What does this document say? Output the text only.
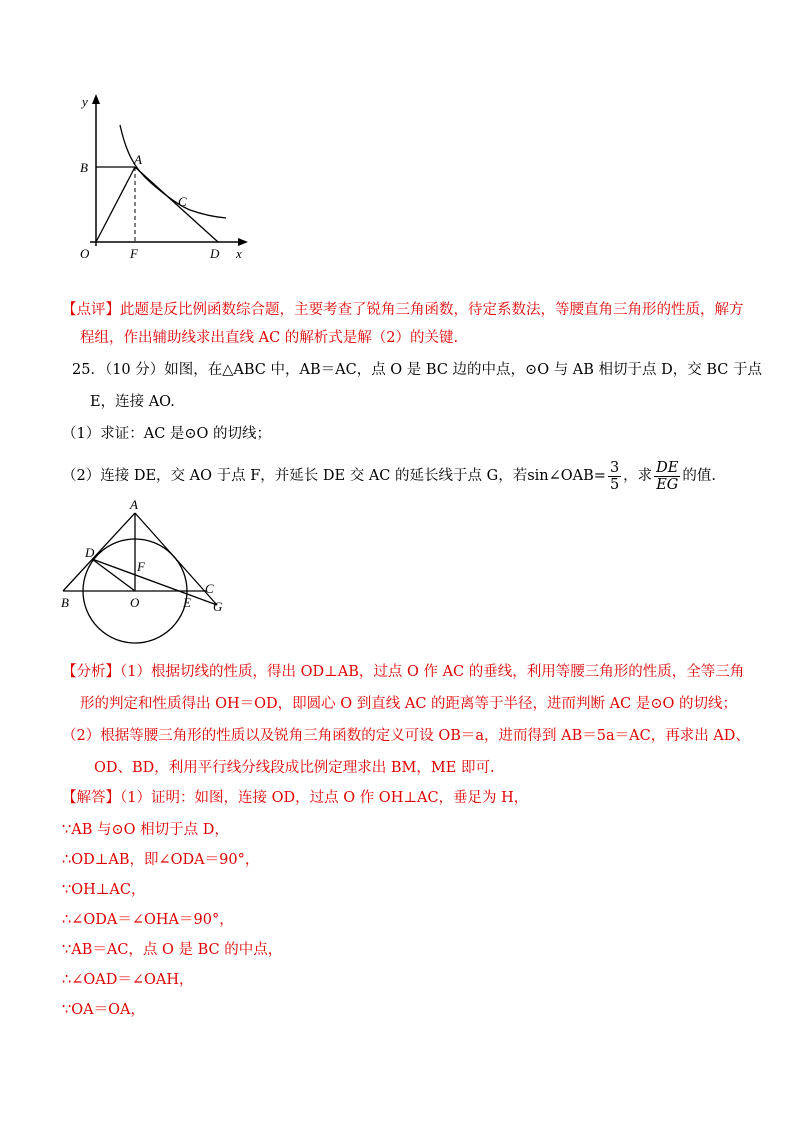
y
B
A
C
O	F	D x
【点评】此题是反比例函数综合题，主要考查了锐角三角函数，待定系数法，等腰直角三角形的性质，解方
程组，作出辅助线求出直线 AC 的解析式是解（2）的关键.
25．（10 分）如图，在△ABC 中，AB＝AC，点 O 是 BC 边的中点，⊙O 与 AB 相切于点 D，交 BC 于点
E，连接 AO.
（1）求证：AC 是⊙O 的切线；
（2）连接 DE，交 AO 于点 F，并延长 DE 交 AC 的延长线于点 G，若sin∠OAB= $\frac{3}{5}$ ，求 $\frac{DE}{EG}$ 的值.
A
D
F
B	O	E
C
G
【分析】（1）根据切线的性质，得出 OD⊥AB，过点 O 作 AC 的垂线，利用等腰三角形的性质，全等三角
形的判定和性质得出 OH＝OD，即圆心 O 到直线 AC 的距离等于半径，进而判断 AC 是⊙O 的切线；
（2）根据等腰三角形的性质以及锐角三角函数的定义可设 OB＝a，进而得到 AB＝5a＝AC，再求出 AD、
OD、BD，利用平行线分线段成比例定理求出 BM，ME 即可.
【解答】（1）证明：如图，连接 OD，过点 O 作 OH⊥AC，垂足为 H，
∵AB 与⊙O 相切于点 D，
∴OD⊥AB，即∠ODA＝90°，
∵OH⊥AC，
∴∠ODA＝∠OHA＝90°，
∵AB＝AC，点 O 是 BC 的中点，
∴∠OAD＝∠OAH，
∵OA＝OA，
